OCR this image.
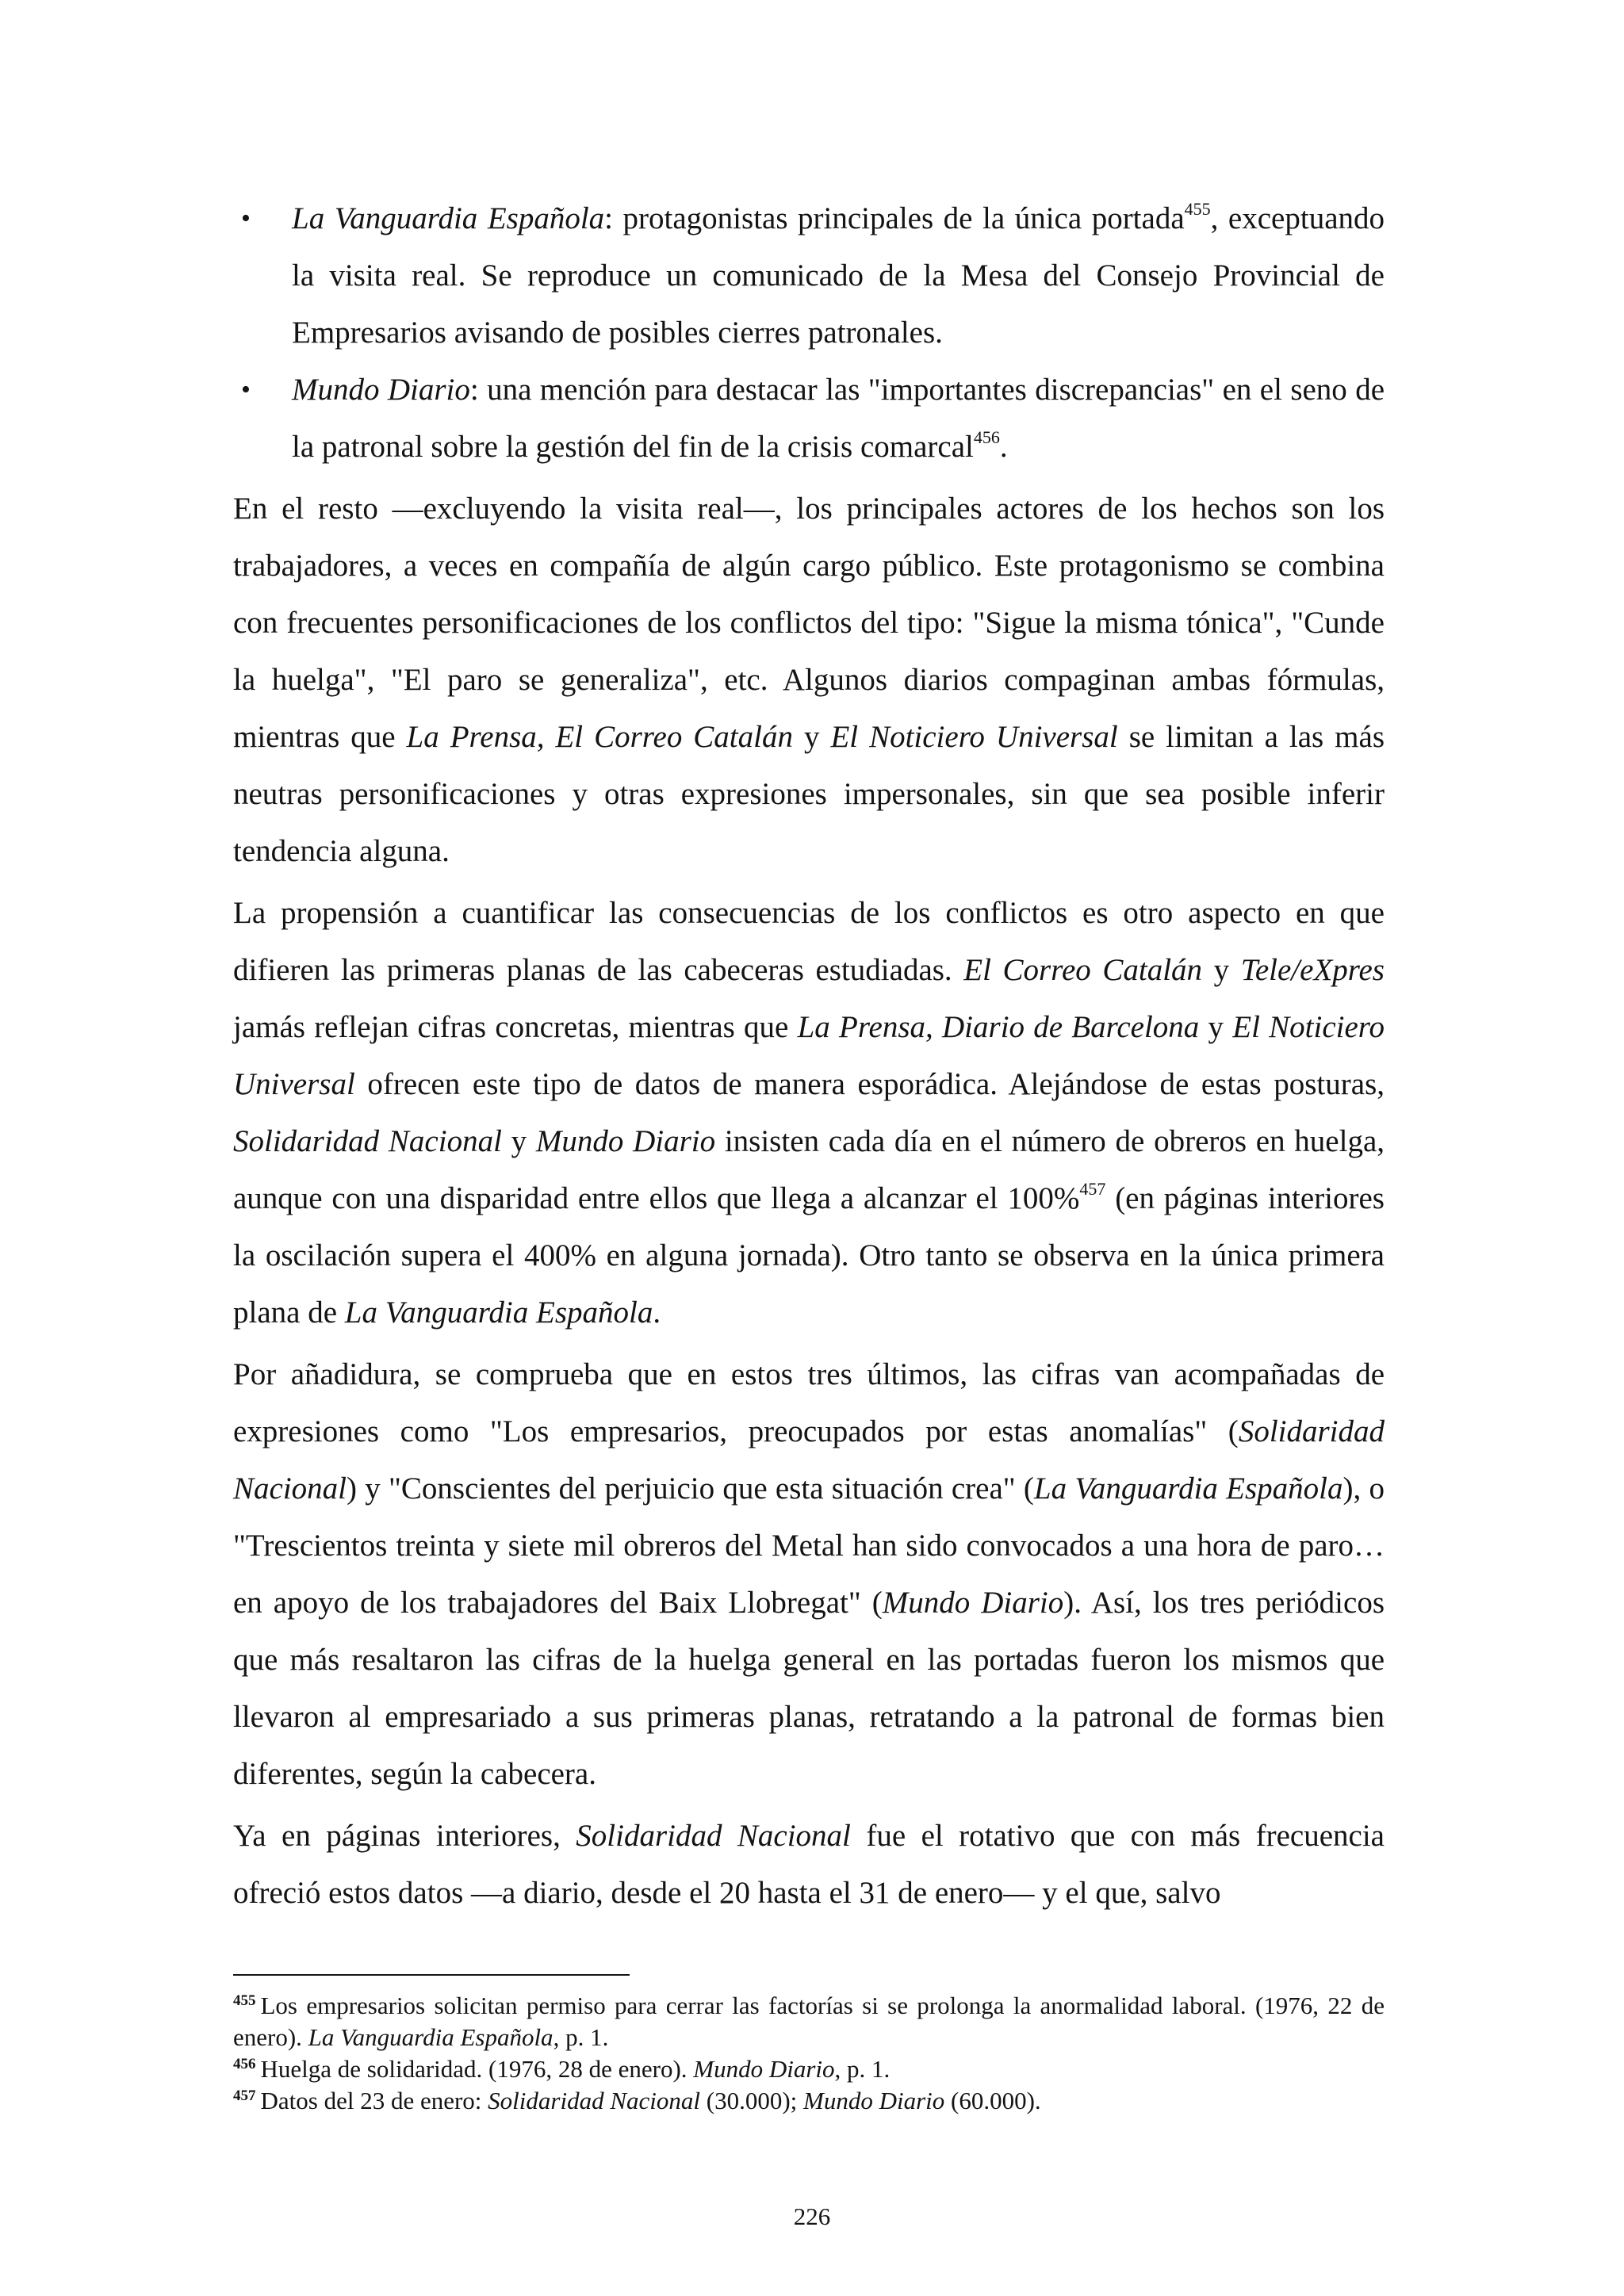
• La Vanguardia Española: protagonistas principales de la única portada$^{455}$, exceptuando la visita real. Se reproduce un comunicado de la Mesa del Consejo Provincial de Empresarios avisando de posibles cierres patronales.
• Mundo Diario: una mención para destacar las "importantes discrepancias" en el seno de la patronal sobre la gestión del fin de la crisis comarcal$^{456}$.

En el resto —excluyendo la visita real—, los principales actores de los hechos son los trabajadores, a veces en compañía de algún cargo público. Este protagonismo se combina con frecuentes personificaciones de los conflictos del tipo: "Sigue la misma tónica", "Cunde la huelga", "El paro se generaliza", etc. Algunos diarios compaginan ambas fórmulas, mientras que La Prensa, El Correo Catalán y El Noticiero Universal se limitan a las más neutras personificaciones y otras expresiones impersonales, sin que sea posible inferir tendencia alguna.

La propensión a cuantificar las consecuencias de los conflictos es otro aspecto en que difieren las primeras planas de las cabeceras estudiadas. El Correo Catalán y Tele/eXpres jamás reflejan cifras concretas, mientras que La Prensa, Diario de Barcelona y El Noticiero Universal ofrecen este tipo de datos de manera esporádica. Alejándose de estas posturas, Solidaridad Nacional y Mundo Diario insisten cada día en el número de obreros en huelga, aunque con una disparidad entre ellos que llega a alcanzar el 100%$^{457}$ (en páginas interiores la oscilación supera el 400% en alguna jornada). Otro tanto se observa en la única primera plana de La Vanguardia Española.

Por añadidura, se comprueba que en estos tres últimos, las cifras van acompañadas de expresiones como "Los empresarios, preocupados por estas anomalías" (Solidaridad Nacional) y "Conscientes del perjuicio que esta situación crea" (La Vanguardia Española), o "Trescientos treinta y siete mil obreros del Metal han sido convocados a una hora de paro… en apoyo de los trabajadores del Baix Llobregat" (Mundo Diario). Así, los tres periódicos que más resaltaron las cifras de la huelga general en las portadas fueron los mismos que llevaron al empresariado a sus primeras planas, retratando a la patronal de formas bien diferentes, según la cabecera.

Ya en páginas interiores, Solidaridad Nacional fue el rotativo que con más frecuencia ofreció estos datos —a diario, desde el 20 hasta el 31 de enero— y el que, salvo

$^{455}$ Los empresarios solicitan permiso para cerrar las factorías si se prolonga la anormalidad laboral. (1976, 22 de enero). La Vanguardia Española, p. 1.

$^{456}$ Huelga de solidaridad. (1976, 28 de enero). Mundo Diario, p. 1.

$^{457}$ Datos del 23 de enero: Solidaridad Nacional (30.000); Mundo Diario (60.000).

226
